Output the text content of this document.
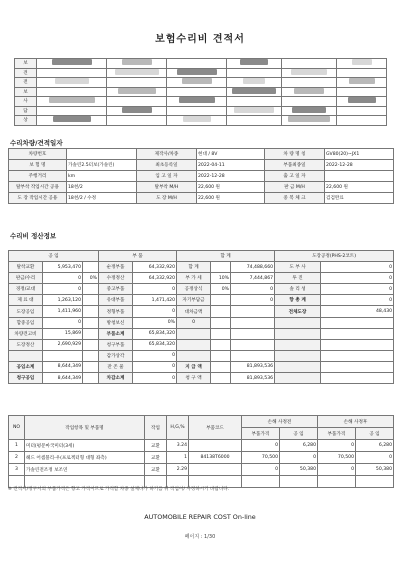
보험수리비 견적서
보						
견						
전						
보						
사						
담						
상						
수리차량/견적일자
차량번호		제작사/차종	현대 / 8V	차 량 명 칭	GV80(20)~JX1
보 험 명	가솔린2.5터보(가솔린)	최초등록일	2022-04-11	부품최종일	2022-12-28
주행거리	km	입 고 일 자	2022-12-28	출 고 일 자	
탈부착 작업시간 공용	18천/2	탈부착 M/H	22,600 원	판 금 M/H	22,600 원
도 장 작업시간 공용	18천/2 / 수정	도 장 M/H	22,600 원	중 복 체 크	검검완료
수리비 정산정보
공 임			부 품		합 계			도장공정(PHS-2코트)	
탈착교환	5,953,470		순정부품	64,332,920	합 계		74,488,660	도 부 사	0
판금/수리	0	0%	수정정산	64,332,920	부 가 세	10%	7,444,867	투 진	0
경정/교대	0		중고부품	0	공정상식	0%	0	솔 리 성	0
제 료 대	1,263,120		유대부품	1,471,420	자기부담금		0	향 총 계	0
도장공임	1,411,960		정형부품	0	대차금액			전체도장	48,430
합중공임	0		방청보신	0%	0				
차량견고비	15,869		부품소계	65,834,320					
도장정산	2,690,929		청구부품	65,834,320					
			감가상각	0					
공임소계	8,644,349		잔 존 물	0	지 급 액		81,893,536		
청구공임	8,644,349		차감소계	0	청 구 액		81,893,536		
NO	작업항목 및 부품명	작업	H,G,%	부품코드	손해 사정전		손해 사정후	
					부품가격	공 임	부품가격	공 임
1	미터(평문마국미터(3세)	교환	3.24		0	6,280	0	6,280
2	헤드 어셈블리-우(프로젝터형 대형 좌측)	교환	1	84138T6000	70,500	0	70,500	0
3	가솔린전조정 보조연	교환	2.29		0	50,380	0	50,380

※ 견적서/정구서의 부품가격은 향고 가격이므로 가격할 차종 실제나가 하기를 위 작업이/ 사정하시기 바랍니다.
AUTOMOBILE REPAIR COST On-line
페이지 : 1/30
